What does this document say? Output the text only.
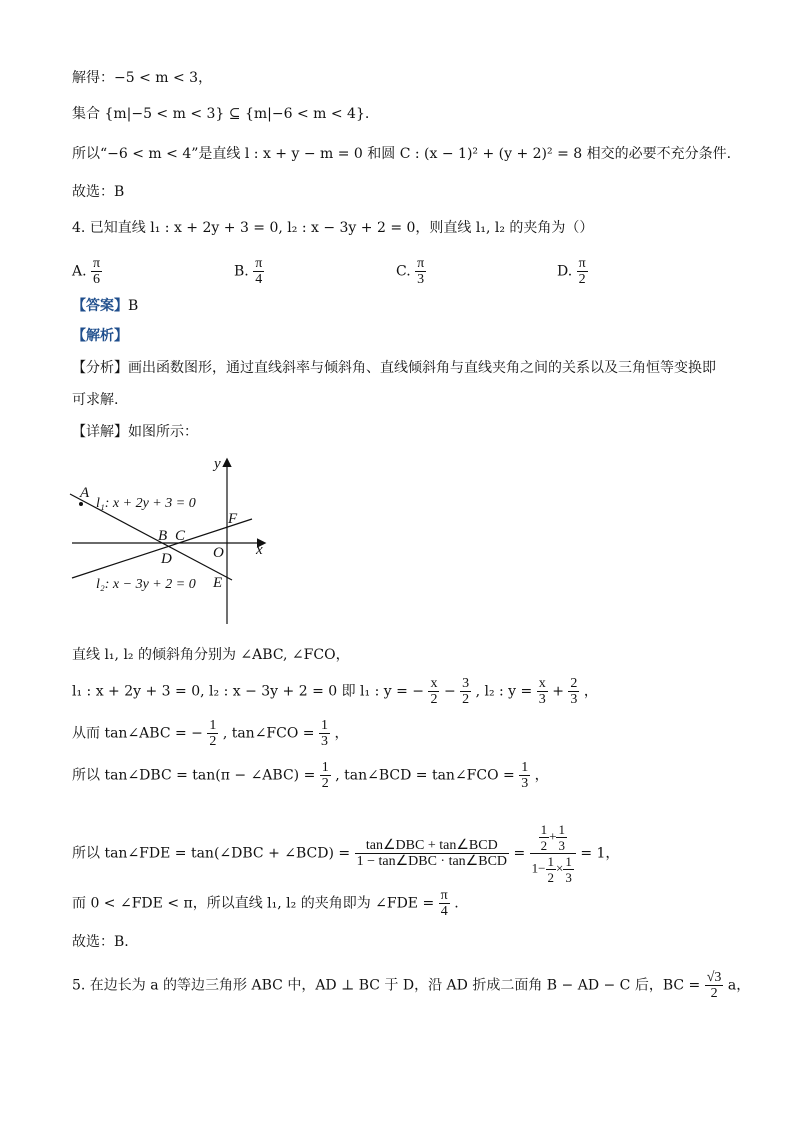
解得：−5 < m < 3，
集合 {m|−5 < m < 3} ⊆ {m|−6 < m < 4}.
所以“−6 < m < 4”是直线 l : x + y − m = 0 和圆 C : (x − 1)² + (y + 2)² = 8 相交的必要不充分条件.
故选：B
4. 已知直线 l₁ : x + 2y + 3 = 0, l₂ : x − 3y + 2 = 0，则直线 l₁, l₂ 的夹角为（）
A. $\frac{\pi}{6}$	B. $\frac{\pi}{4}$	C. $\frac{\pi}{3}$	D. $\frac{\pi}{2}$
【答案】B
【解析】
【分析】画出函数图形，通过直线斜率与倾斜角、直线倾斜角与直线夹角之间的关系以及三角恒等变换即
可求解.
【详解】如图所示：
y
x
A
B C
D
F
O
E
l₁: x + 2y + 3 = 0
l₂: x − 3y + 2 = 0
直线 l₁, l₂ 的倾斜角分别为 ∠ABC, ∠FCO，
l₁ : x + 2y + 3 = 0, l₂ : x − 3y + 2 = 0 即 l₁ : y = − $\frac{x}{2} - \frac{3}{2}$ , l₂ : $y = \frac{x}{3} + \frac{2}{3}$ ，
从而 tan∠ABC = − $\frac{1}{2}$ , tan∠FCO = $\frac{1}{3}$ ，
所以 tan∠DBC = tan(π − ∠ABC) = $\frac{1}{2}$ , tan∠BCD = tan∠FCO = $\frac{1}{3}$ ，
所以 tan∠FDE = tan(∠DBC + ∠BCD) = $\frac{\text{tan∠DBC + tan∠BCD}}{\text{1 − tan∠DBC · tan∠BCD}} = \frac{\frac{1}{2} + \frac{1}{3}}{1- \frac{1}{2} \times \frac{1}{3}} = 1$，
而 0 < ∠FDE < π，所以直线 l₁, l₂ 的夹角即为 ∠FDE = $\frac{\pi}{4}$ .
故选：B.
5. 在边长为 a 的等边三角形 ABC 中，AD ⊥ BC 于 D，沿 AD 折成二面角 B − AD − C 后，BC = $\frac{√3}{2}$ a，
